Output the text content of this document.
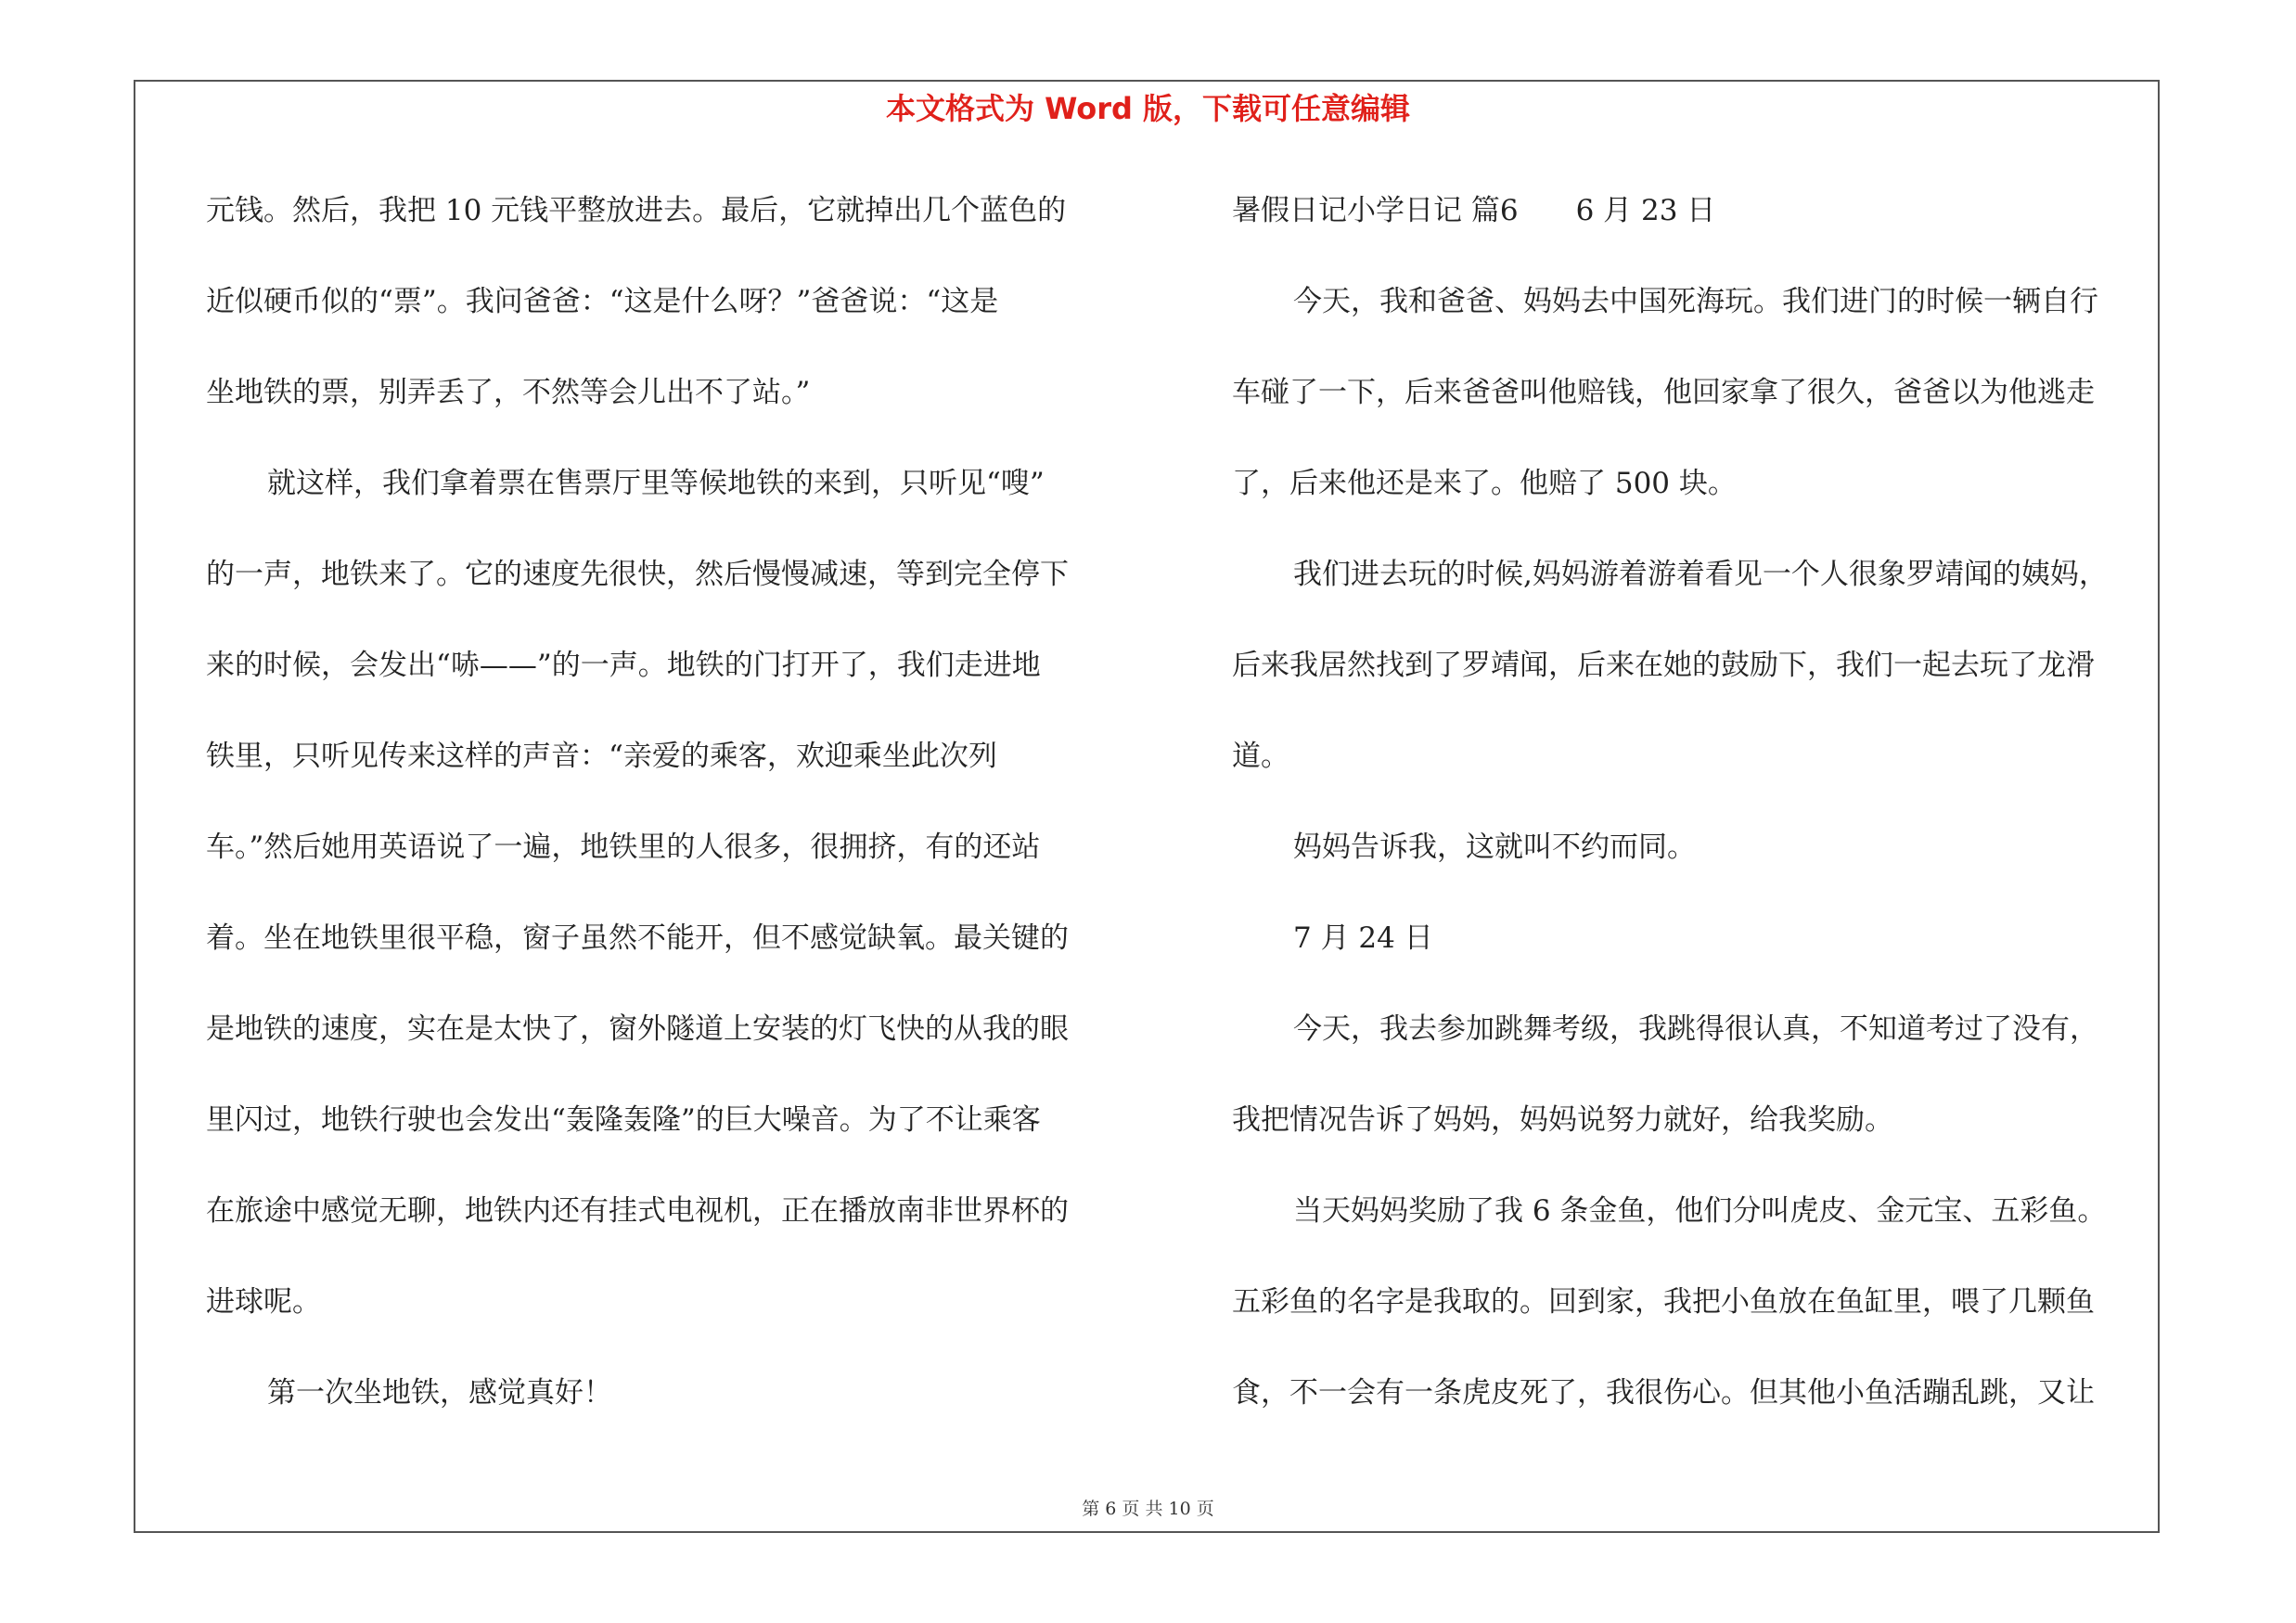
本文格式为 Word 版，下载可任意编辑
元钱。然后，我把 10 元钱平整放进去。最后，它就掉出几个蓝色的
近似硬币似的“票”。我问爸爸：“这是什么呀？”爸爸说：“这是
坐地铁的票，别弄丢了，不然等会儿出不了站。”
就这样，我们拿着票在售票厅里等候地铁的来到，只听见“嗖”
的一声，地铁来了。它的速度先很快，然后慢慢减速，等到完全停下
来的时候，会发出“哧——”的一声。地铁的门打开了，我们走进地
铁里，只听见传来这样的声音：“亲爱的乘客，欢迎乘坐此次列
车。”然后她用英语说了一遍，地铁里的人很多，很拥挤，有的还站
着。坐在地铁里很平稳，窗子虽然不能开，但不感觉缺氧。最关键的
是地铁的速度，实在是太快了，窗外隧道上安装的灯飞快的从我的眼
里闪过，地铁行驶也会发出“轰隆轰隆”的巨大噪音。为了不让乘客
在旅途中感觉无聊，地铁内还有挂式电视机，正在播放南非世界杯的
进球呢。
第一次坐地铁，感觉真好！
暑假日记小学日记 篇6　　6 月 23 日
今天，我和爸爸、妈妈去中国死海玩。我们进门的时候一辆自行
车碰了一下，后来爸爸叫他赔钱，他回家拿了很久，爸爸以为他逃走
了，后来他还是来了。他赔了 500 块。
我们进去玩的时候,妈妈游着游着看见一个人很象罗靖闻的姨妈，
后来我居然找到了罗靖闻，后来在她的鼓励下，我们一起去玩了龙滑
道。
妈妈告诉我，这就叫不约而同。
7 月 24 日
今天，我去参加跳舞考级，我跳得很认真，不知道考过了没有，
我把情况告诉了妈妈，妈妈说努力就好，给我奖励。
当天妈妈奖励了我 6 条金鱼，他们分叫虎皮、金元宝、五彩鱼。
五彩鱼的名字是我取的。回到家，我把小鱼放在鱼缸里，喂了几颗鱼
食，不一会有一条虎皮死了，我很伤心。但其他小鱼活蹦乱跳，又让
第 6 页 共 10 页
